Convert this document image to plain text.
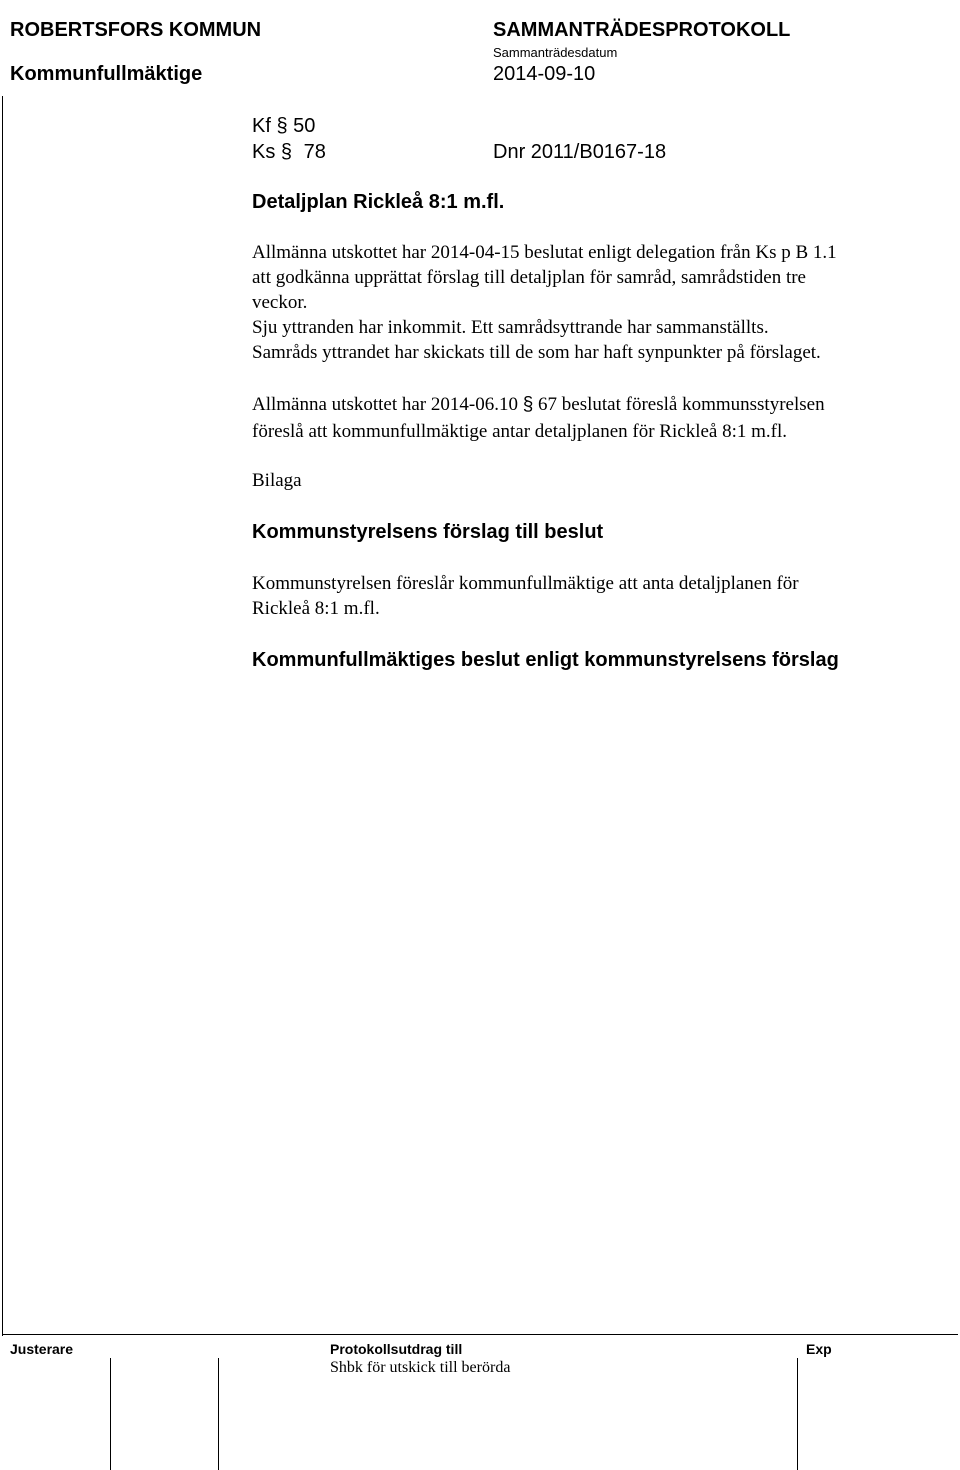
ROBERTSFORS KOMMUN	SAMMANTRÄDESPROTOKOLL
Sammanträdesdatum
Kommunfullmäktige	2014-09-10
Kf § 50
Ks § 78	Dnr 2011/B0167-18
Detaljplan Rickleå 8:1 m.fl.
Allmänna utskottet har 2014-04-15 beslutat enligt delegation från Ks p B 1.1
att godkänna upprättat förslag till detaljplan för samråd, samrådstiden tre
veckor.
Sju yttranden har inkommit. Ett samrådsyttrande har sammanställts.
Samråds yttrandet har skickats till de som har haft synpunkter på förslaget.
Allmänna utskottet har 2014-06.10 § 67 beslutat föreslå kommunsstyrelsen
föreslå att kommunfullmäktige antar detaljplanen för Rickleå 8:1 m.fl.
Bilaga
Kommunstyrelsens förslag till beslut
Kommunstyrelsen föreslår kommunfullmäktige att anta detaljplanen för
Rickleå 8:1 m.fl.
Kommunfullmäktiges beslut enligt kommunstyrelsens förslag
Justerare	Protokollsutdrag till
Shbk för utskick till berörda
Exp
